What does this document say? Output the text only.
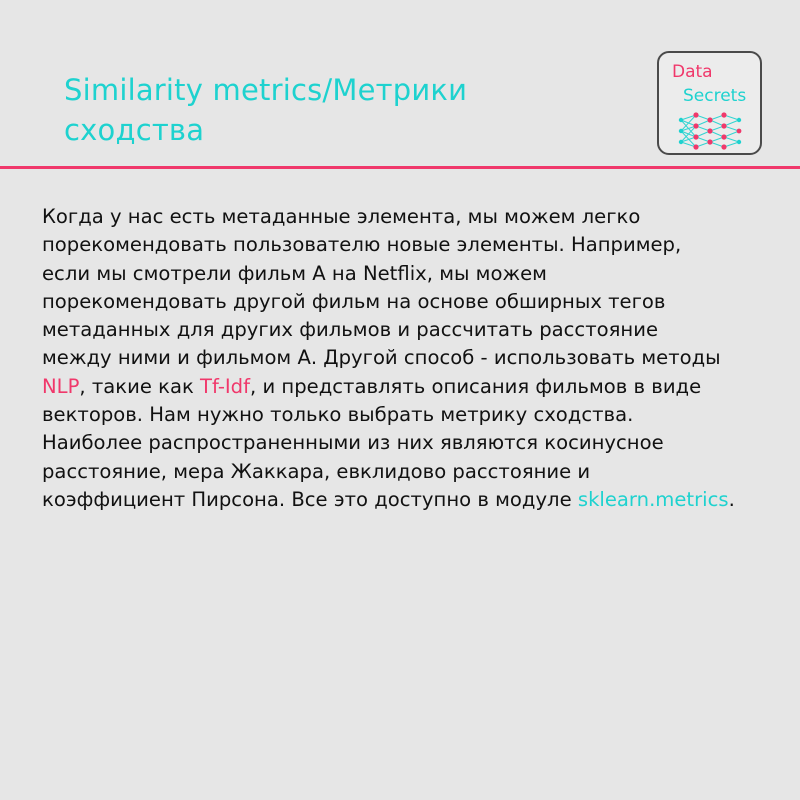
Similarity metrics/Метрики
сходства
Data
Secrets

Когда у нас есть метаданные элемента, мы можем легко
порекомендовать пользователю новые элементы. Например,
если мы смотрели фильм А на Netflix, мы можем
порекомендовать другой фильм на основе обширных тегов
метаданных для других фильмов и рассчитать расстояние
между ними и фильмом А. Другой способ - использовать методы
NLP, такие как Tf-Idf, и представлять описания фильмов в виде
векторов. Нам нужно только выбрать метрику сходства.
Наиболее распространенными из них являются косинусное
расстояние, мера Жаккара, евклидово расстояние и
коэффициент Пирсона. Все это доступно в модуле sklearn.metrics.
